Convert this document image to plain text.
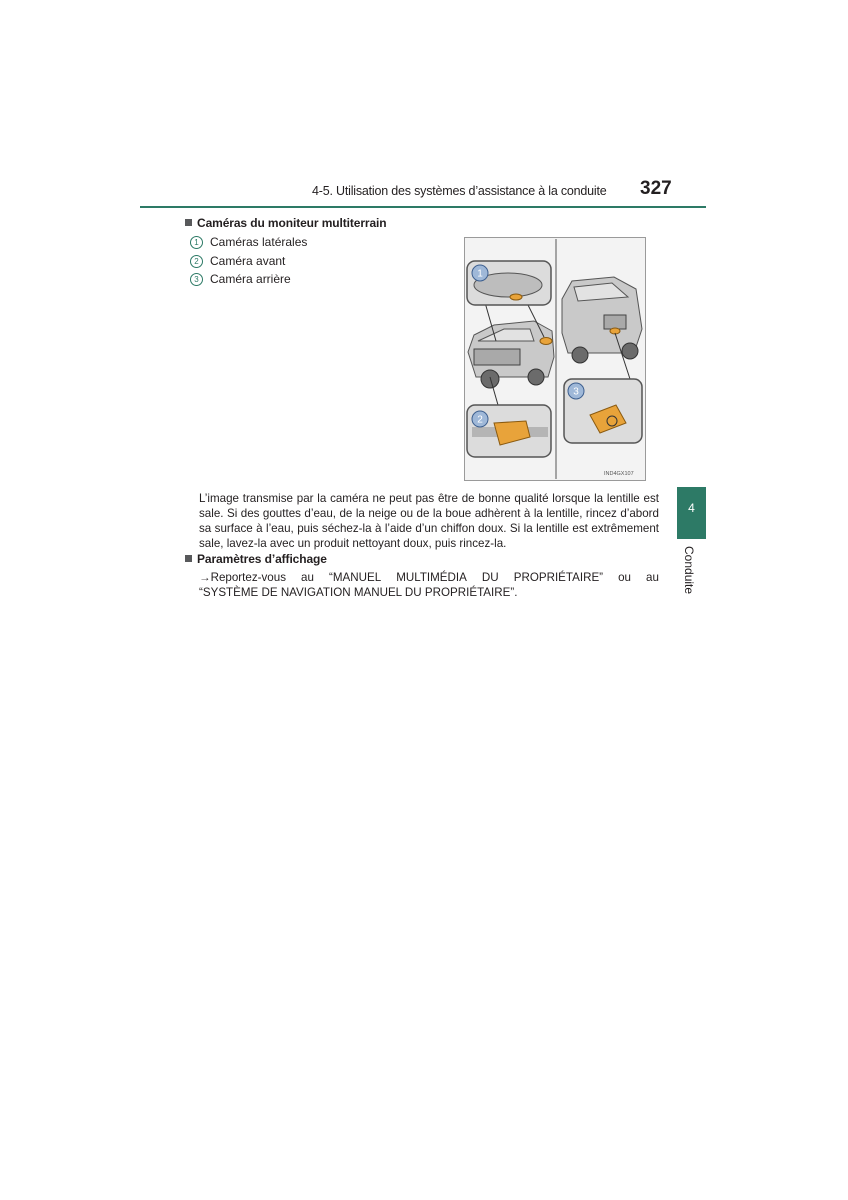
4-5. Utilisation des systèmes d’assistance à la conduite 327
Caméras du moniteur multiterrain
1 Caméras latérales
2 Caméra avant
3 Caméra arrière	1
2
3
IND4GX107
L’image transmise par la caméra ne peut pas être de bonne qualité lorsque la lentille est sale. Si des gouttes d’eau, de la neige ou de la boue adhèrent à la lentille, rincez d’abord sa surface à l’eau, puis séchez-la à l’aide d’un chiffon doux. Si la lentille est extrêmement sale, lavez-la avec un produit nettoyant doux, puis rincez-la.
Paramètres d’affichage
→Reportez-vous au “MANUEL MULTIMÉDIA DU PROPRIÉTAIRE” ou au
“SYSTÈME DE NAVIGATION MANUEL DU PROPRIÉTAIRE”.
4
Conduite
